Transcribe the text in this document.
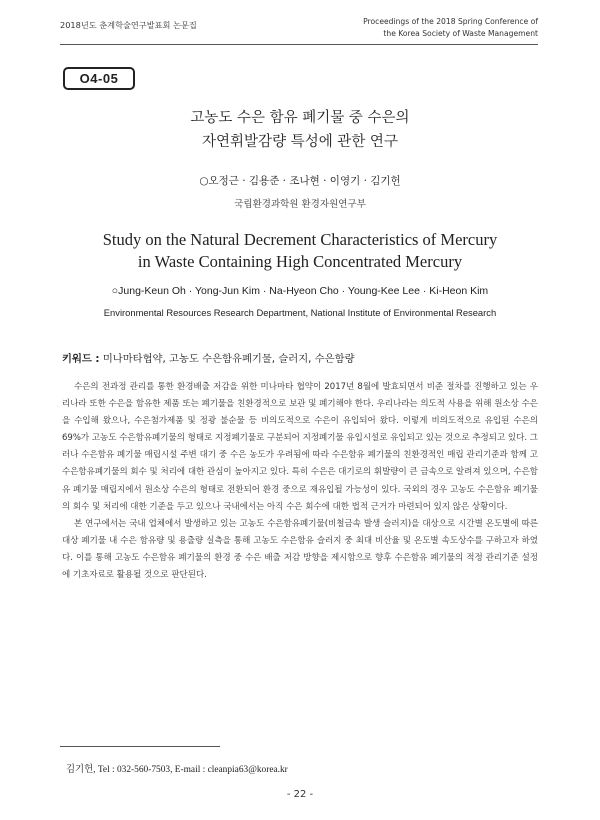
2018년도 춘계학술연구발표회 논문집	Proceedings of the 2018 Spring Conference of
the Korea Society of Waste Management
O4-05
고농도 수은 함유 폐기물 중 수은의
자연휘발감량 특성에 관한 연구
○오정근 · 김용준 · 조나현 · 이영기 · 김기헌
국립환경과학원 환경자원연구부
Study on the Natural Decrement Characteristics of Mercury
in Waste Containing High Concentrated Mercury
○Jung-Keun Oh · Yong-Jun Kim · Na-Hyeon Cho · Young-Kee Lee · Ki-Heon Kim
Environmental Resources Research Department, National Institute of Environmental Research
키워드 : 미나마타협약, 고농도 수은함유폐기물, 슬러지, 수은함량

수은의 전과정 관리를 통한 환경배출 저감을 위한 미나마타 협약이 2017년 8월에 발효되면서 비준 절차를 진행하고 있는 우리나라 또한 수은을 함유한 제품 또는 폐기물을 친환경적으로 보관 및 폐기해야 한다. 우리나라는 의도적 사용을 위해 원소상 수은을 수입해 왔으나, 수은첨가제품 및 정광 불순물 등 비의도적으로 수은이 유입되어 왔다. 이렇게 비의도적으로 유입된 수은의 69%가 고농도 수은함유폐기물의 형태로 지정폐기물로 구분되어 지정폐기물 유입시설로 유입되고 있는 것으로 추정되고 있다. 그러나 수은함유 폐기물 매립시설 주변 대기 중 수은 농도가 우려됨에 따라 수은함유 폐기물의 친환경적인 매립 관리기준과 함께 고수은함유폐기물의 회수 및 처리에 대한 관심이 높아지고 있다. 특히 수은은 대기로의 휘발량이 큰 금속으로 알려져 있으며, 수은함유 폐기물 매립지에서 원소상 수은의 형태로 전환되어 환경 중으로 재유입될 가능성이 있다. 국외의 경우 고농도 수은함유 폐기물의 회수 및 처리에 대한 기준을 두고 있으나 국내에서는 아직 수은 회수에 대한 법적 근거가 마련되어 있지 않은 상황이다.

본 연구에서는 국내 업체에서 발생하고 있는 고농도 수은함유폐기물(비철금속 발생 슬러지)을 대상으로 시간별 온도별에 따른 대상 폐기물 내 수은 함유량 및 용출량 실측을 통해 고농도 수은함유 슬러지 중 최대 비산율 및 온도별 속도상수를 구하고자 하였다. 이를 통해 고농도 수은함유 폐기물의 환경 중 수은 배출 저감 방향을 제시함으로 향후 수은함유 폐기물의 적정 관리기준 설정에 기초자료로 활용될 것으로 판단된다.

김기헌, Tel : 032-560-7503, E-mail : cleanpia63@korea.kr
- 22 -
